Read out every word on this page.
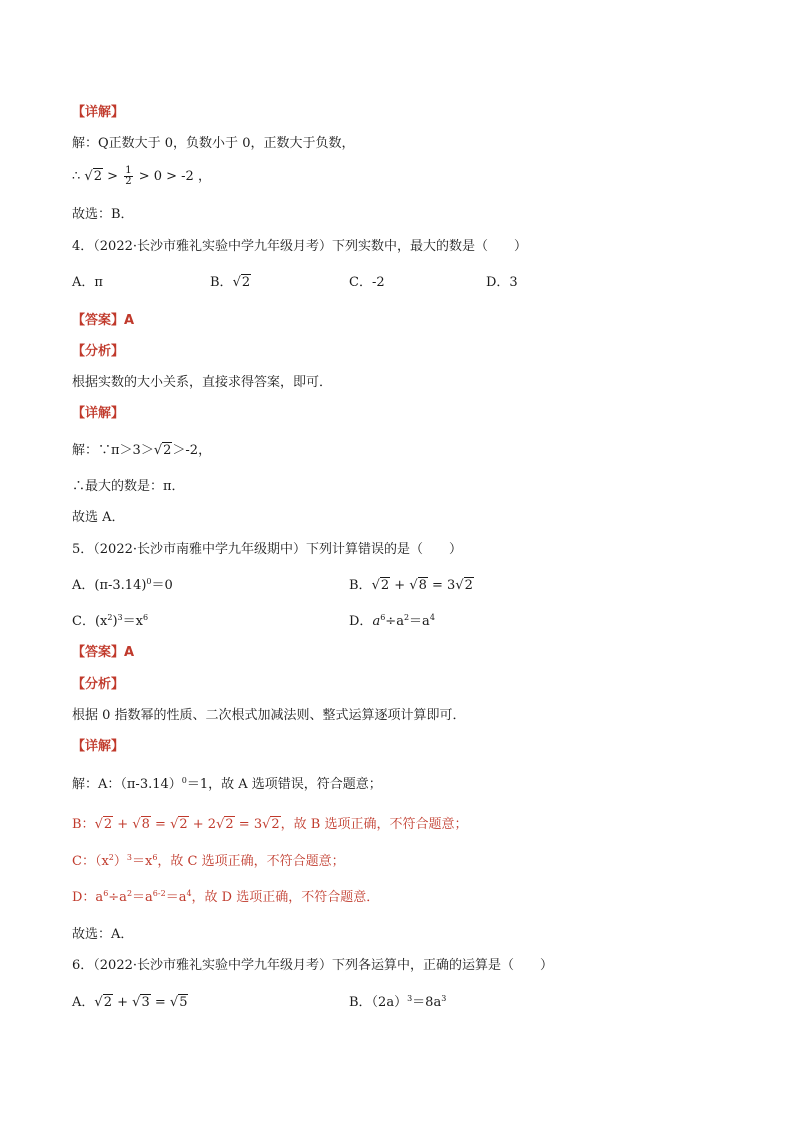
【详解】
解：Q正数大于 0，负数小于 0，正数大于负数，
∴ $√2 > \frac{1}{2} > 0 > -2$ ，
故选：B．
4．（2022·长沙市雅礼实验中学九年级月考）下列实数中，最大的数是（　　）
A．π	B．√2	C．-2	D．3
【答案】A
【分析】
根据实数的大小关系，直接求得答案，即可．
【详解】
解：∵π＞3＞√2＞-2，
∴最大的数是：π．
故选 A．
5．（2022·长沙市南雅中学九年级期中）下列计算错误的是（　　）
A．$(\pi-3.14)^0=0$	B．√2 + √8 = 3√2
C．$(x^2)^3=x^6$	D．$a^6\div a^2=a^4$
【答案】A
【分析】
根据 0 指数幂的性质、二次根式加减法则、整式运算逐项计算即可．
【详解】
解：A：$(\pi-3.14)^0=1$，故 A 选项错误，符合题意；
B：√2 + √8 = √2 + 2√2 = 3√2，故 B 选项正确，不符合题意；
C：$(x^2)^3=x^6$，故 C 选项正确，不符合题意；
D：$a^6\div a^2=a^{6-2}=a^4$，故 D 选项正确，不符合题意．
故选：A．
6．（2022·长沙市雅礼实验中学九年级月考）下列各运算中，正确的运算是（　　）
A．√2 + √3 = √5	B．$(2a)^3=8a^3$
